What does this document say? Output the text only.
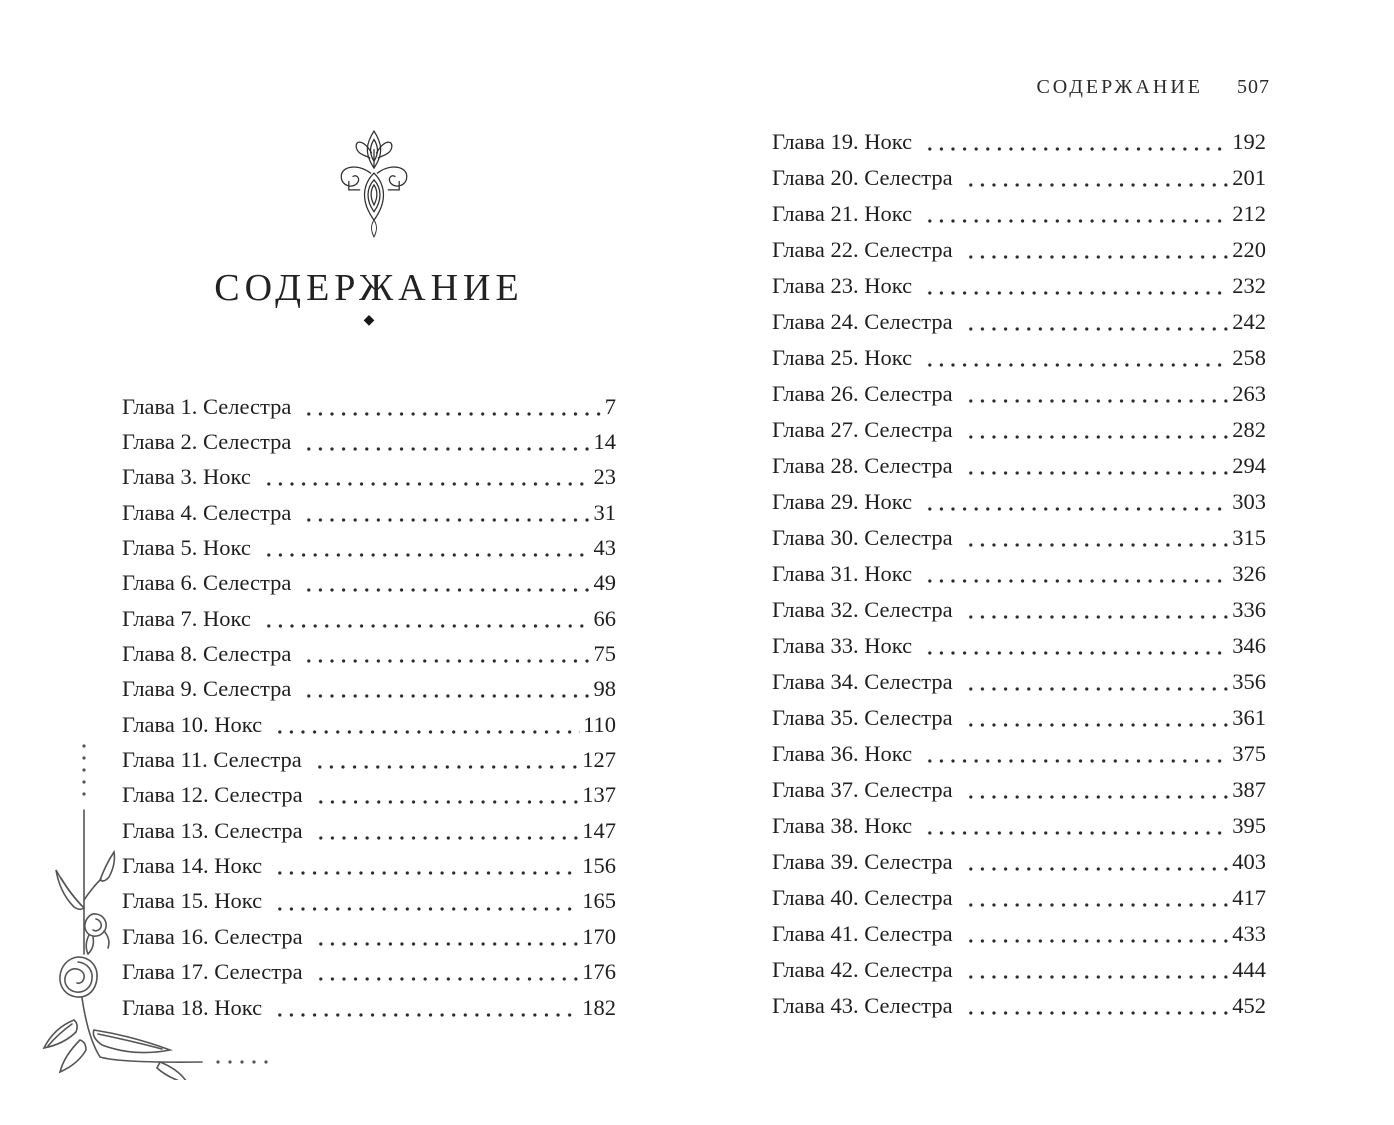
СОДЕРЖАНИЕ 507
СОДЕРЖАНИЕ
◆
Глава 1. Селестра	7
Глава 2. Селестра	14
Глава 3. Нокс	23
Глава 4. Селестра	31
Глава 5. Нокс	43
Глава 6. Селестра	49
Глава 7. Нокс	66
Глава 8. Селестра	75
Глава 9. Селестра	98
Глава 10. Нокс	110
Глава 11. Селестра	127
Глава 12. Селестра	137
Глава 13. Селестра	147
Глава 14. Нокс	156
Глава 15. Нокс	165
Глава 16. Селестра	170
Глава 17. Селестра	176
Глава 18. Нокс	182
Глава 19. Нокс	192
Глава 20. Селестра	201
Глава 21. Нокс	212
Глава 22. Селестра	220
Глава 23. Нокс	232
Глава 24. Селестра	242
Глава 25. Нокс	258
Глава 26. Селестра	263
Глава 27. Селестра	282
Глава 28. Селестра	294
Глава 29. Нокс	303
Глава 30. Селестра	315
Глава 31. Нокс	326
Глава 32. Селестра	336
Глава 33. Нокс	346
Глава 34. Селестра	356
Глава 35. Селестра	361
Глава 36. Нокс	375
Глава 37. Селестра	387
Глава 38. Нокс	395
Глава 39. Селестра	403
Глава 40. Селестра	417
Глава 41. Селестра	433
Глава 42. Селестра	444
Глава 43. Селестра	452
